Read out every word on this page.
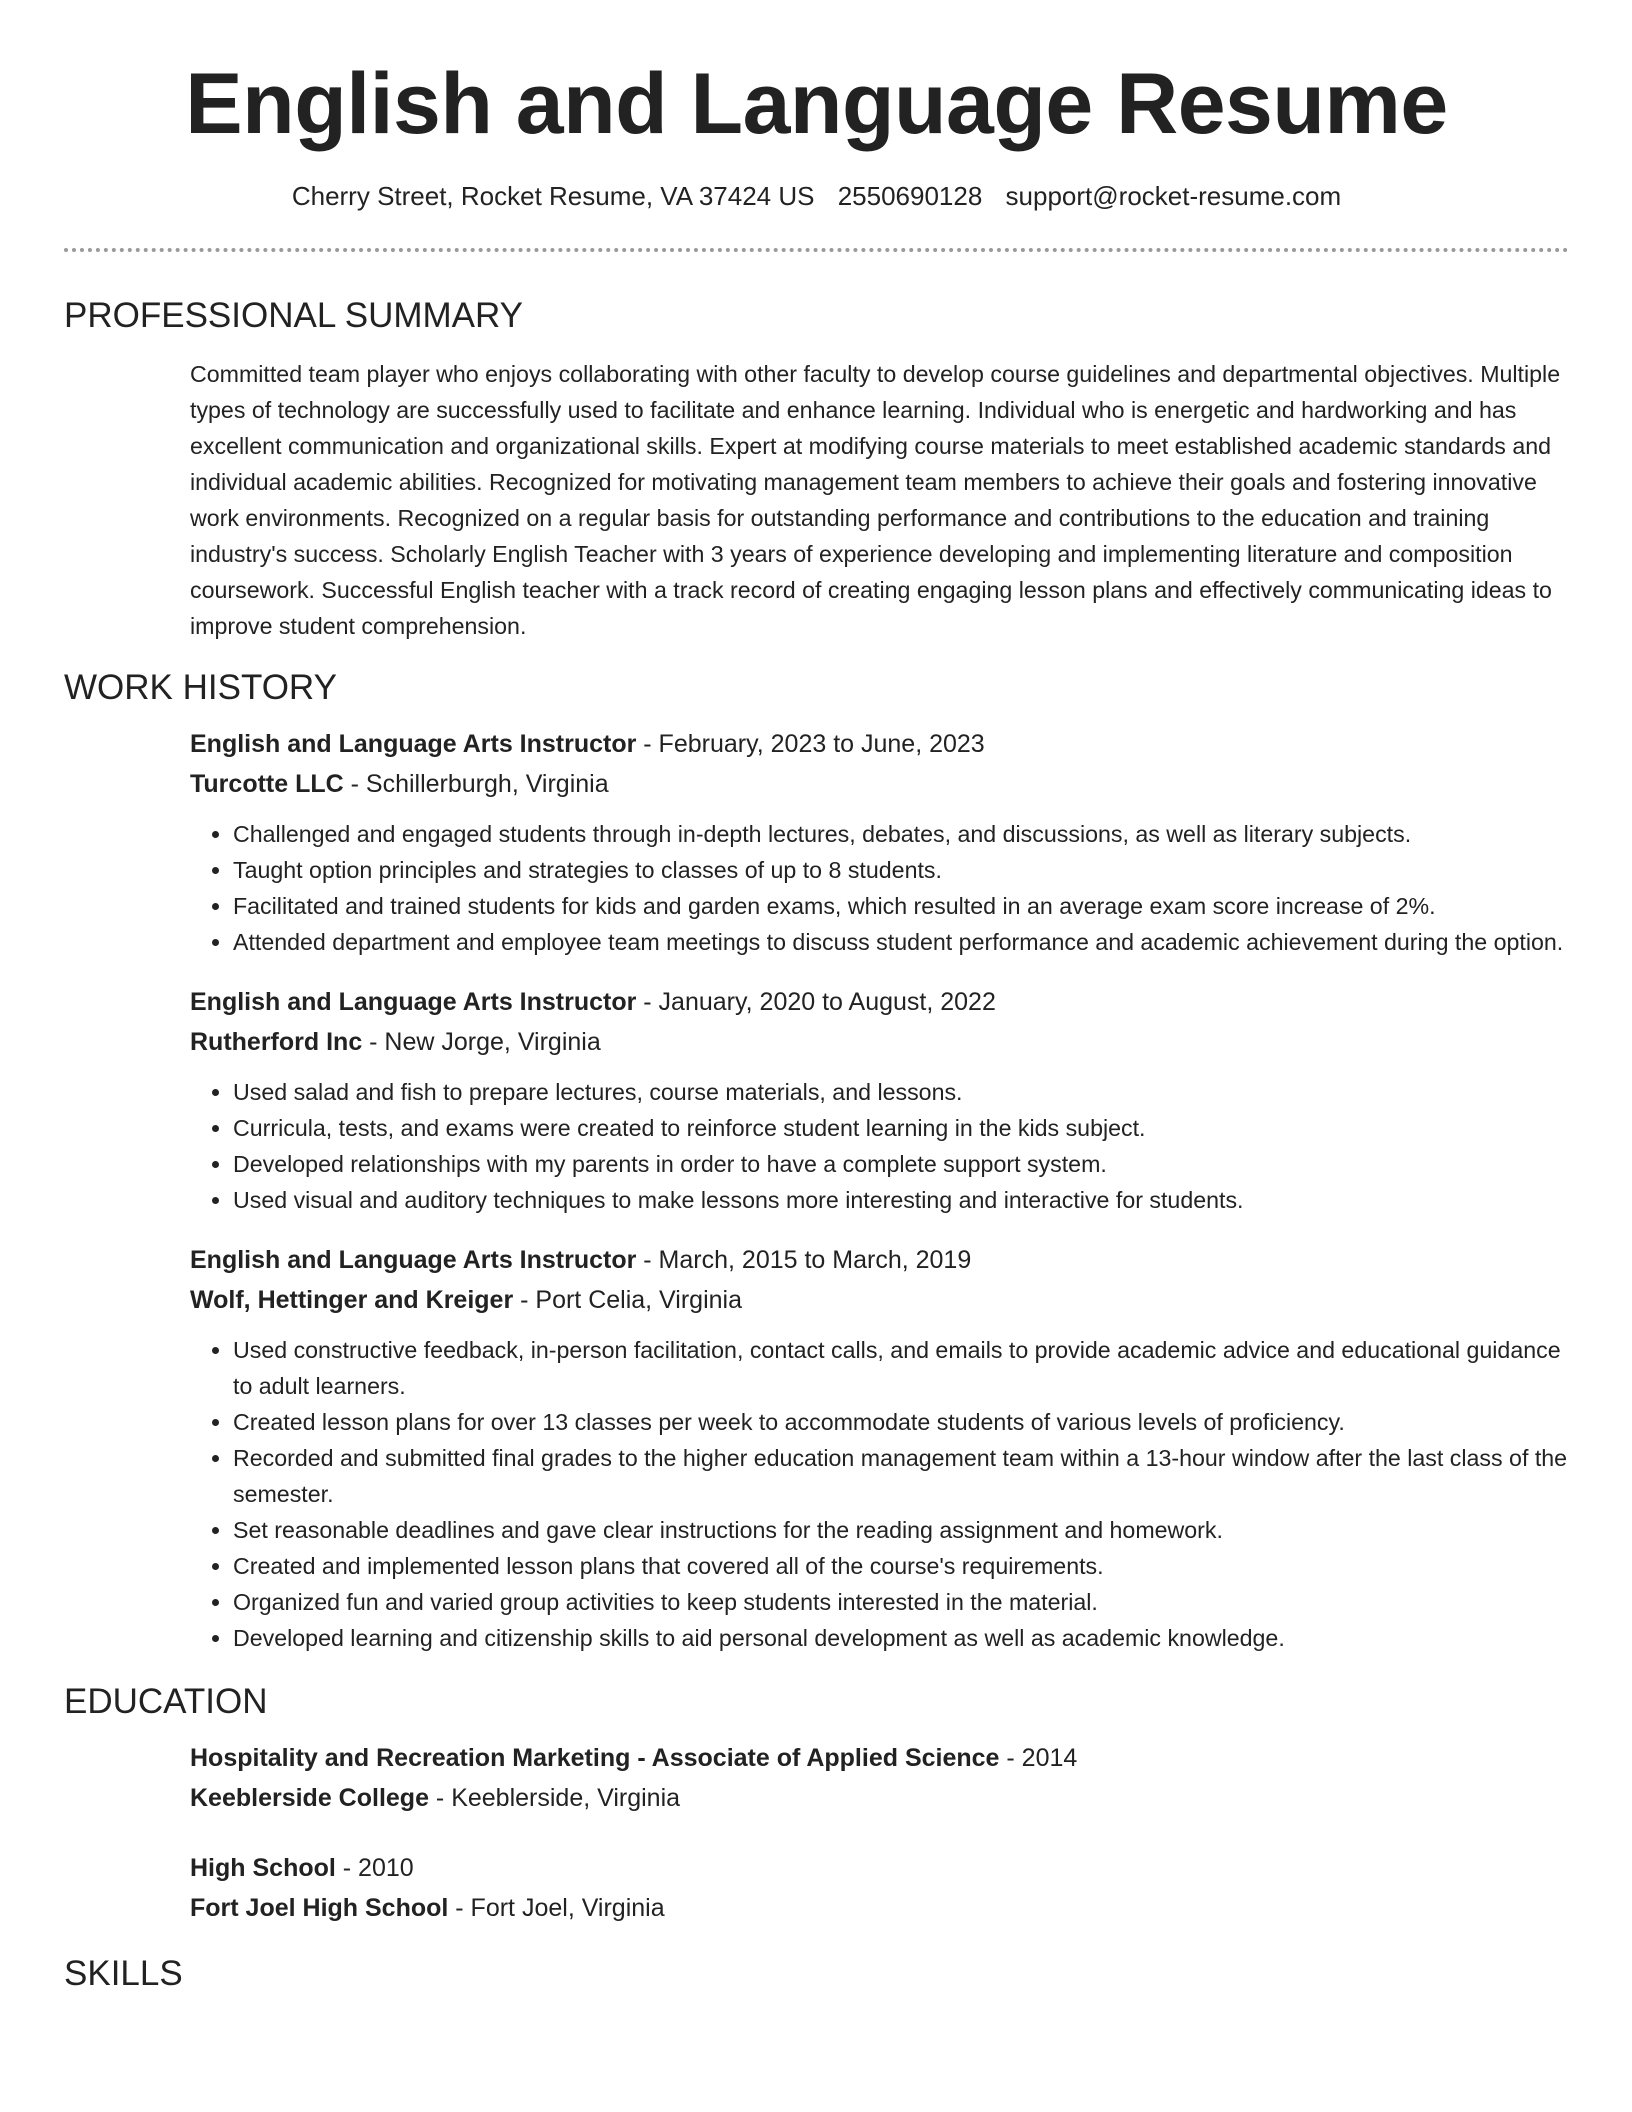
English and Language Resume
Cherry Street, Rocket Resume, VA 37424 US 2550690128 support@rocket-resume.com
PROFESSIONAL SUMMARY

Committed team player who enjoys collaborating with other faculty to develop course guidelines and departmental objectives. Multiple types of technology are successfully used to facilitate and enhance learning. Individual who is energetic and hardworking and has excellent communication and organizational skills. Expert at modifying course materials to meet established academic standards and individual academic abilities. Recognized for motivating management team members to achieve their goals and fostering innovative work environments. Recognized on a regular basis for outstanding performance and contributions to the education and training industry's success. Scholarly English Teacher with 3 years of experience developing and implementing literature and composition coursework. Successful English teacher with a track record of creating engaging lesson plans and effectively communicating ideas to improve student comprehension.

WORK HISTORY
English and Language Arts Instructor - February, 2023 to June, 2023
Turcotte LLC - Schillerburgh, Virginia
• Challenged and engaged students through in-depth lectures, debates, and discussions, as well as literary subjects.
• Taught option principles and strategies to classes of up to 8 students.
• Facilitated and trained students for kids and garden exams, which resulted in an average exam score increase of 2%.
• Attended department and employee team meetings to discuss student performance and academic achievement during the option.
English and Language Arts Instructor - January, 2020 to August, 2022
Rutherford Inc - New Jorge, Virginia
• Used salad and fish to prepare lectures, course materials, and lessons.
• Curricula, tests, and exams were created to reinforce student learning in the kids subject.
• Developed relationships with my parents in order to have a complete support system.
• Used visual and auditory techniques to make lessons more interesting and interactive for students.
English and Language Arts Instructor - March, 2015 to March, 2019
Wolf, Hettinger and Kreiger - Port Celia, Virginia
• Used constructive feedback, in-person facilitation, contact calls, and emails to provide academic advice and educational guidance to adult learners.
• Created lesson plans for over 13 classes per week to accommodate students of various levels of proficiency.
• Recorded and submitted final grades to the higher education management team within a 13-hour window after the last class of the semester.
• Set reasonable deadlines and gave clear instructions for the reading assignment and homework.
• Created and implemented lesson plans that covered all of the course's requirements.
• Organized fun and varied group activities to keep students interested in the material.
• Developed learning and citizenship skills to aid personal development as well as academic knowledge.
EDUCATION
Hospitality and Recreation Marketing - Associate of Applied Science - 2014
Keeblerside College - Keeblerside, Virginia
High School - 2010
Fort Joel High School - Fort Joel, Virginia
SKILLS
